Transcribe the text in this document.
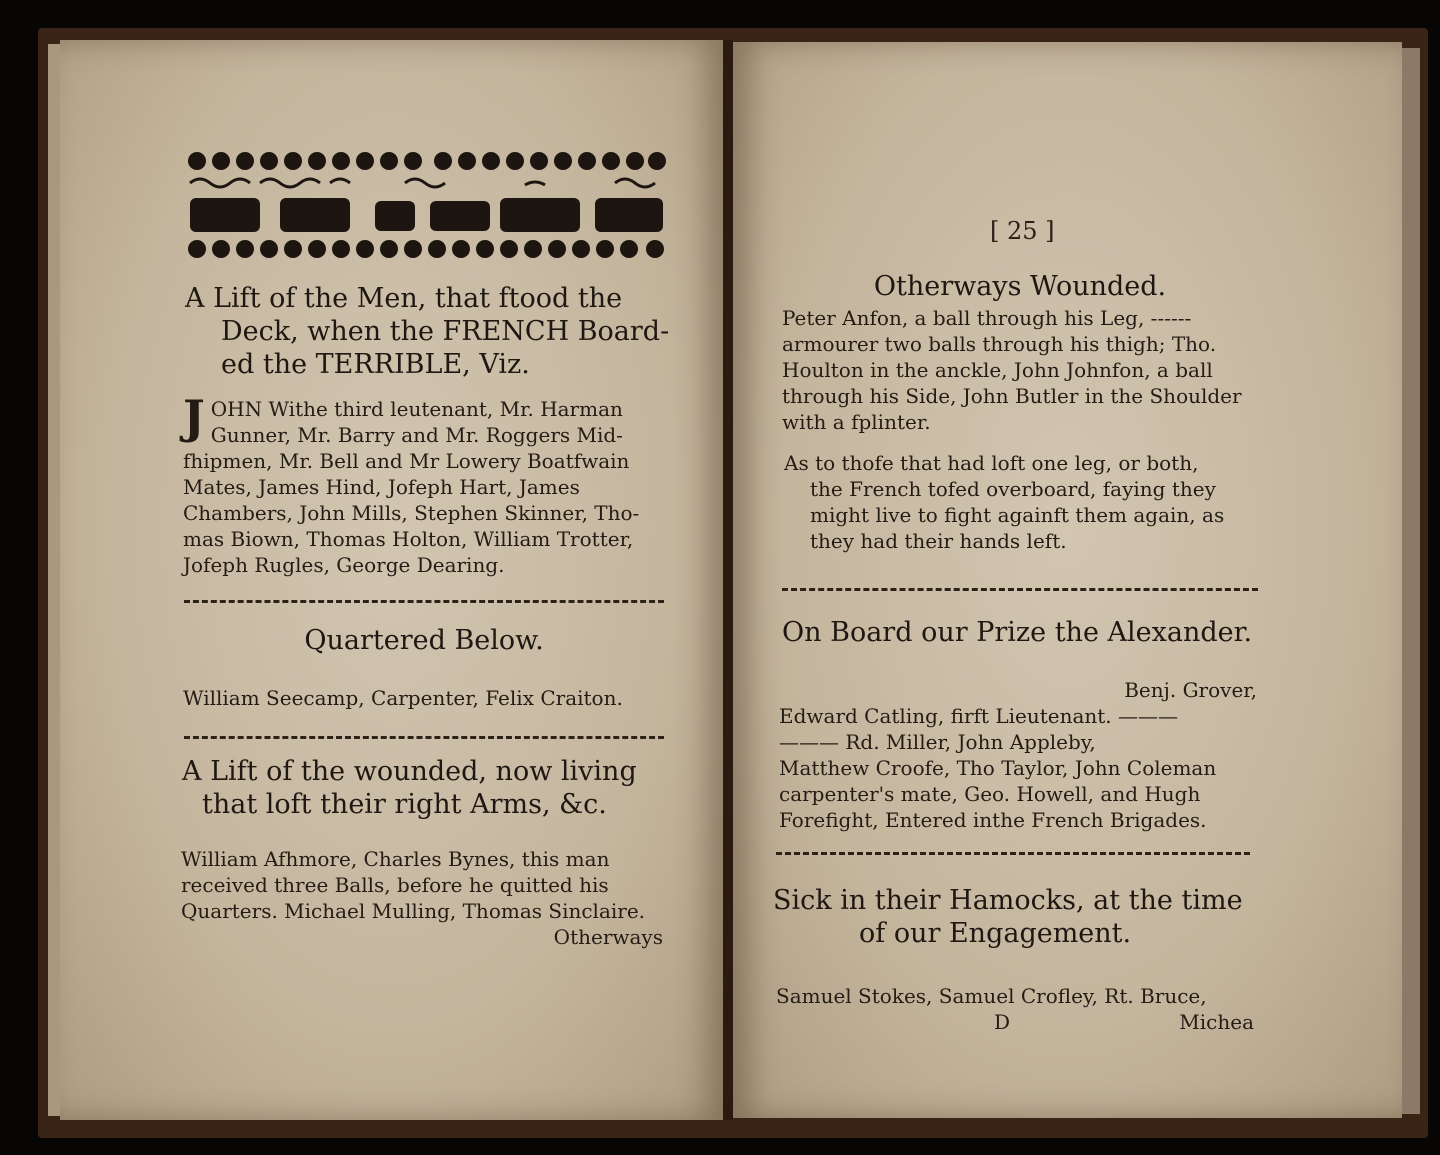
A Lift of the Men, that ftood the
Deck, when the FRENCH Board-
ed the TERRIBLE, Viz.
J OHN Withe third leutenant, Mr. Harman
Gunner, Mr. Barry and Mr. Roggers Mid-
fhipmen, Mr. Bell and Mr Lowery Boatfwain
Mates, James Hind, Jofeph Hart, James
Chambers, John Mills, Stephen Skinner, Tho-
mas Biown, Thomas Holton, William Trotter,
Jofeph Rugles, George Dearing.
Quartered Below.
William Seecamp, Carpenter, Felix Craiton.
A Lift of the wounded, now living
that loft their right Arms, &c.
William Afhmore, Charles Bynes, this man
received three Balls, before he quitted his
Quarters. Michael Mulling, Thomas Sinclaire.
Otherways
[ 25 ]
Otherways Wounded.
Peter Anfon, a ball through his Leg, ------
armourer two balls through his thigh; Tho.
Houlton in the anckle, John Johnfon, a ball
through his Side, John Butler in the Shoulder
with a fplinter.
As to thofe that had loft one leg, or both,
the French tofed overboard, faying they
might live to fight againft them again, as
they had their hands left.
On Board our Prize the Alexander.
Benj. Grover,
Edward Catling, firft Lieutenant. ———
——— Rd. Miller, John Appleby,
Matthew Croofe, Tho Taylor, John Coleman
carpenter's mate, Geo. Howell, and Hugh
Forefight, Entered inthe French Brigades.
Sick in their Hamocks, at the time
of our Engagement.
Samuel Stokes, Samuel Crofley, Rt. Bruce,
D	Michea
